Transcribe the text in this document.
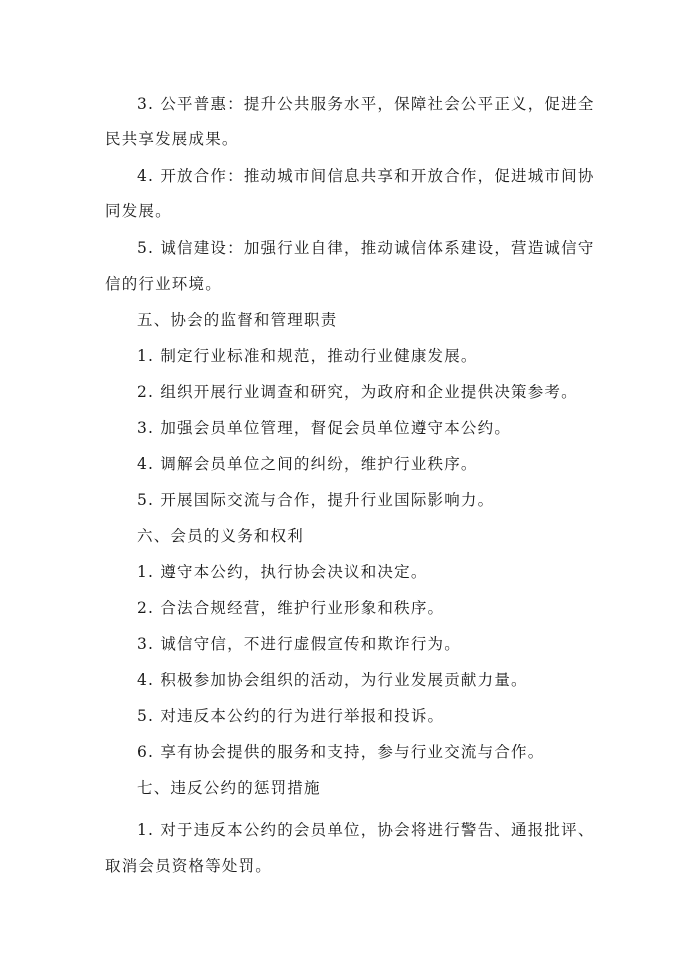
3. 公平普惠：提升公共服务水平，保障社会公平正义，促进全
民共享发展成果。
4. 开放合作：推动城市间信息共享和开放合作，促进城市间协
同发展。
5. 诚信建设：加强行业自律，推动诚信体系建设，营造诚信守
信的行业环境。
五、协会的监督和管理职责
1. 制定行业标准和规范，推动行业健康发展。
2. 组织开展行业调查和研究，为政府和企业提供决策参考。
3. 加强会员单位管理，督促会员单位遵守本公约。
4. 调解会员单位之间的纠纷，维护行业秩序。
5. 开展国际交流与合作，提升行业国际影响力。
六、会员的义务和权利
1. 遵守本公约，执行协会决议和决定。
2. 合法合规经营，维护行业形象和秩序。
3. 诚信守信，不进行虚假宣传和欺诈行为。
4. 积极参加协会组织的活动，为行业发展贡献力量。
5. 对违反本公约的行为进行举报和投诉。
6. 享有协会提供的服务和支持，参与行业交流与合作。
七、违反公约的惩罚措施
1. 对于违反本公约的会员单位，协会将进行警告、通报批评、
取消会员资格等处罚。
